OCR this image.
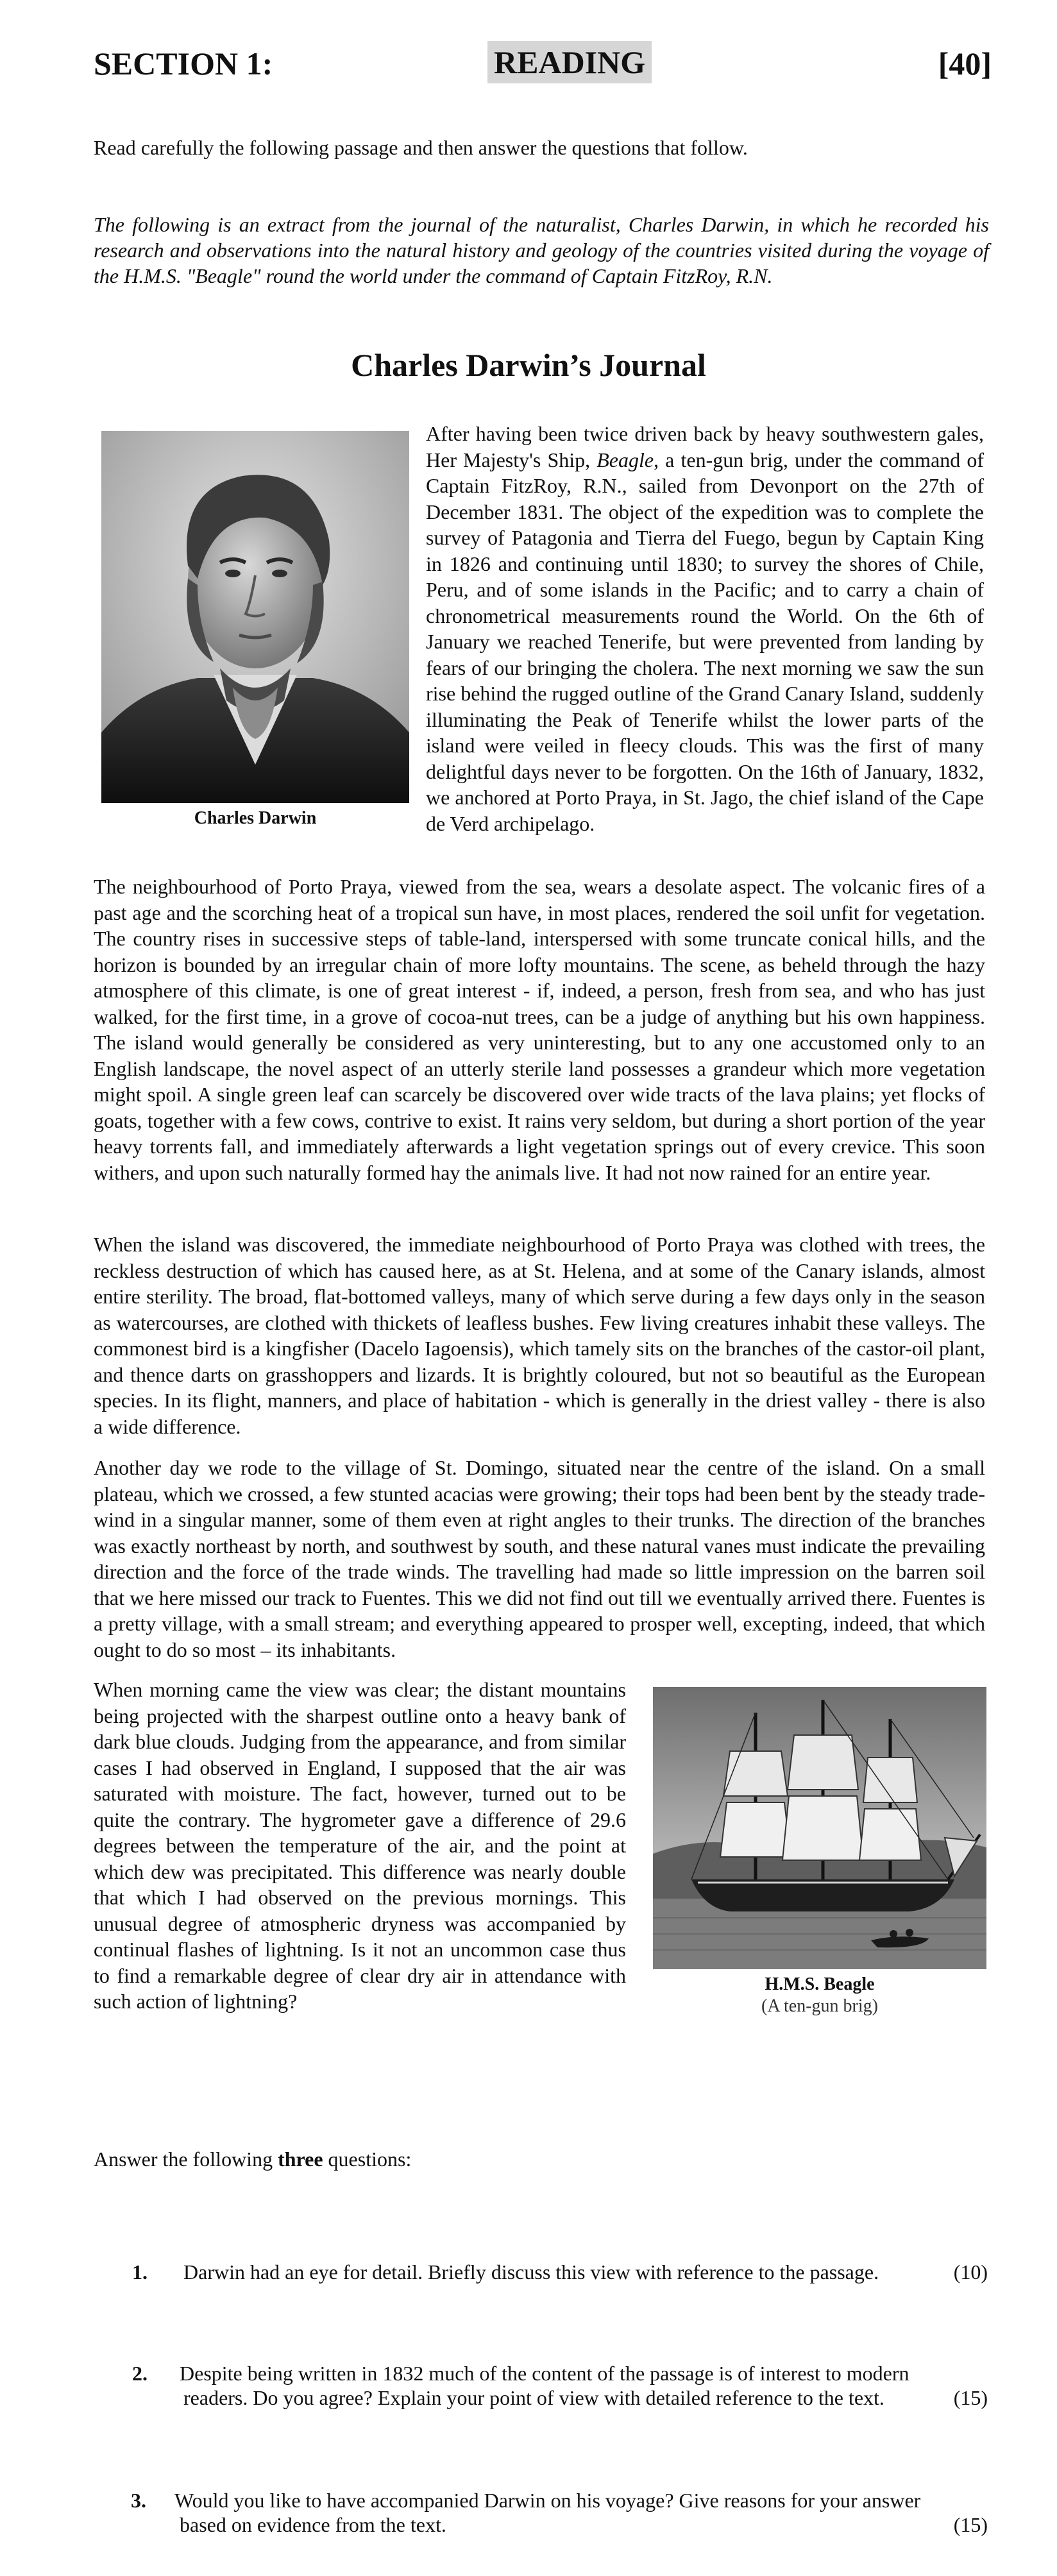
SECTION 1:	READING	[40]
Read carefully the following passage and then answer the questions that follow.
The following is an extract from the journal of the naturalist, Charles Darwin, in which he recorded his research and observations into the natural history and geology of the countries visited during the voyage of the H.M.S. "Beagle" round the world under the command of Captain FitzRoy, R.N.
Charles Darwin’s Journal
Charles Darwin
After having been twice driven back by heavy southwestern gales, Her Majesty's Ship, Beagle, a ten-gun brig, under the command of Captain FitzRoy, R.N., sailed from Devonport on the 27th of December 1831. The object of the expedition was to complete the survey of Patagonia and Tierra del Fuego, begun by Captain King in 1826 and continuing until 1830; to survey the shores of Chile, Peru, and of some islands in the Pacific; and to carry a chain of chronometrical measurements round the World. On the 6th of January we reached Tenerife, but were prevented from landing by fears of our bringing the cholera. The next morning we saw the sun rise behind the rugged outline of the Grand Canary Island, suddenly illuminating the Peak of Tenerife whilst the lower parts of the island were veiled in fleecy clouds. This was the first of many delightful days never to be forgotten. On the 16th of January, 1832, we anchored at Porto Praya, in St. Jago, the chief island of the Cape de Verd archipelago.
The neighbourhood of Porto Praya, viewed from the sea, wears a desolate aspect. The volcanic fires of a past age and the scorching heat of a tropical sun have, in most places, rendered the soil unfit for vegetation. The country rises in successive steps of table-land, interspersed with some truncate conical hills, and the horizon is bounded by an irregular chain of more lofty mountains. The scene, as beheld through the hazy atmosphere of this climate, is one of great interest - if, indeed, a person, fresh from sea, and who has just walked, for the first time, in a grove of cocoa-nut trees, can be a judge of anything but his own happiness. The island would generally be considered as very uninteresting, but to any one accustomed only to an English landscape, the novel aspect of an utterly sterile land possesses a grandeur which more vegetation might spoil. A single green leaf can scarcely be discovered over wide tracts of the lava plains; yet flocks of goats, together with a few cows, contrive to exist. It rains very seldom, but during a short portion of the year heavy torrents fall, and immediately afterwards a light vegetation springs out of every crevice. This soon withers, and upon such naturally formed hay the animals live. It had not now rained for an entire year.
When the island was discovered, the immediate neighbourhood of Porto Praya was clothed with trees, the reckless destruction of which has caused here, as at St. Helena, and at some of the Canary islands, almost entire sterility. The broad, flat-bottomed valleys, many of which serve during a few days only in the season as watercourses, are clothed with thickets of leafless bushes. Few living creatures inhabit these valleys. The commonest bird is a kingfisher (Dacelo Iagoensis), which tamely sits on the branches of the castor-oil plant, and thence darts on grasshoppers and lizards. It is brightly coloured, but not so beautiful as the European species. In its flight, manners, and place of habitation - which is generally in the driest valley - there is also a wide difference.
Another day we rode to the village of St. Domingo, situated near the centre of the island. On a small plateau, which we crossed, a few stunted acacias were growing; their tops had been bent by the steady trade-wind in a singular manner, some of them even at right angles to their trunks. The direction of the branches was exactly northeast by north, and southwest by south, and these natural vanes must indicate the prevailing direction and the force of the trade winds. The travelling had made so little impression on the barren soil that we here missed our track to Fuentes. This we did not find out till we eventually arrived there. Fuentes is a pretty village, with a small stream; and everything appeared to prosper well, excepting, indeed, that which ought to do so most – its inhabitants.
When morning came the view was clear; the distant mountains being projected with the sharpest outline onto a heavy bank of dark blue clouds. Judging from the appearance, and from similar cases I had observed in England, I supposed that the air was saturated with moisture. The fact, however, turned out to be quite the contrary. The hygrometer gave a difference of 29.6 degrees between the temperature of the air, and the point at which dew was precipitated. This difference was nearly double that which I had observed on the previous mornings. This unusual degree of atmospheric dryness was accompanied by continual flashes of lightning. Is it not an uncommon case thus to find a remarkable degree of clear dry air in attendance with such action of lightning?
H.M.S. Beagle
(A ten-gun brig)
Answer the following three questions:
1. Darwin had an eye for detail. Briefly discuss this view with reference to the passage.	(10)
2. Despite being written in 1832 much of the content of the passage is of interest to modern
readers. Do you agree? Explain your point of view with detailed reference to the text.	(15)
3. Would you like to have accompanied Darwin on his voyage? Give reasons for your answer
based on evidence from the text.	(15)
